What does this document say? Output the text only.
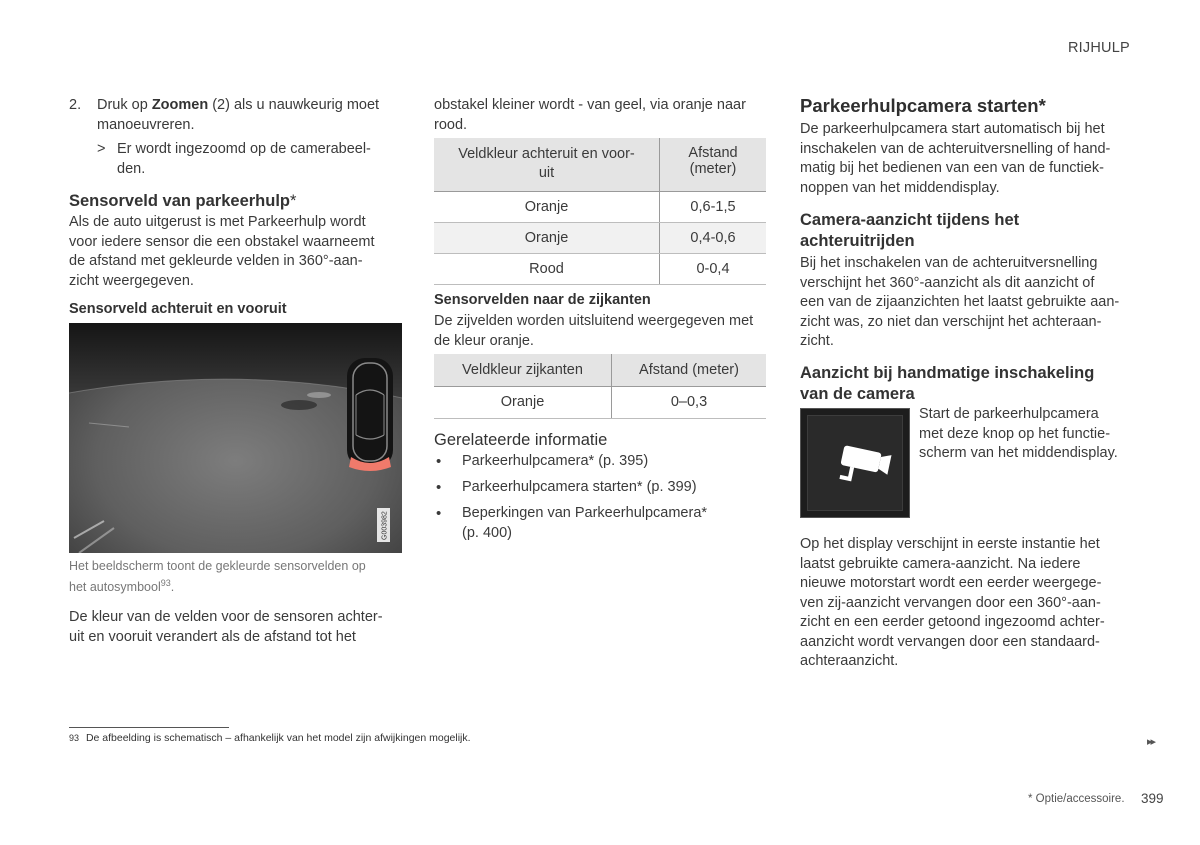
RIJHULP
2. Druk op Zoomen (2) als u nauwkeurig moet
manoeuvreren.
> Er wordt ingezoomd op de camerabeel-
den.
Sensorveld van parkeerhulp*
Als de auto uitgerust is met Parkeerhulp wordt
voor iedere sensor die een obstakel waarneemt
de afstand met gekleurde velden in 360°-aan-
zicht weergegeven.
Sensorveld achteruit en vooruit
G003982
Het beeldscherm toont de gekleurde sensorvelden op
het autosymbool$^{93}$.
De kleur van de velden voor de sensoren achter-
uit en vooruit verandert als de afstand tot het
obstakel kleiner wordt - van geel, via oranje naar
rood.
Veldkleur achteruit en voor-
uit	Afstand (meter)
Oranje	0,6-1,5
Oranje	0,4-0,6
Rood	0-0,4
Sensorvelden naar de zijkanten
De zijvelden worden uitsluitend weergegeven met
de kleur oranje.
Veldkleur zijkanten	Afstand (meter)
Oranje	0–0,3
Gerelateerde informatie
• Parkeerhulpcamera* (p. 395)
• Parkeerhulpcamera starten* (p. 399)
• Beperkingen van Parkeerhulpcamera*
(p. 400)
Parkeerhulpcamera starten*
De parkeerhulpcamera start automatisch bij het
inschakelen van de achteruitversnelling of hand-
matig bij het bedienen van een van de functiek-
noppen van het middendisplay.
Camera-aanzicht tijdens het
achteruitrijden
Bij het inschakelen van de achteruitversnelling
verschijnt het 360°-aanzicht als dit aanzicht of
een van de zijaanzichten het laatst gebruikte aan-
zicht was, zo niet dan verschijnt het achteraan-
zicht.
Aanzicht bij handmatige inschakeling
van de camera
Start de parkeerhulpcamera
met deze knop op het functie-
scherm van het middendisplay.
Op het display verschijnt in eerste instantie het
laatst gebruikte camera-aanzicht. Na iedere
nieuwe motorstart wordt een eerder weergege-
ven zij-aanzicht vervangen door een 360°-aan-
zicht en een eerder getoond ingezoomd achter-
aanzicht wordt vervangen door een standaard-
achteraanzicht.
93 De afbeelding is schematisch – afhankelijk van het model zijn afwijkingen mogelijk.	▸▸
* Optie/accessoire. 399
